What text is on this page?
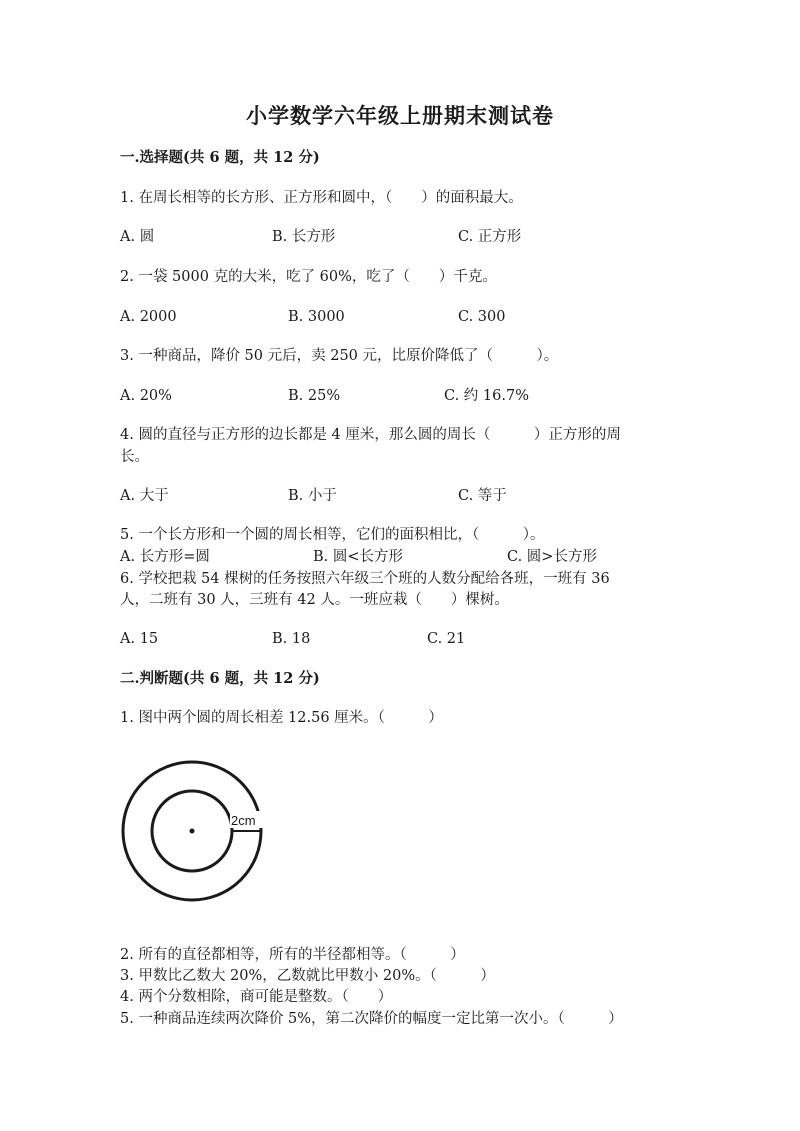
小学数学六年级上册期末测试卷
一.选择题(共 6 题，共 12 分)
1. 在周长相等的长方形、正方形和圆中，（　　）的面积最大。
A. 圆	B. 长方形	C. 正方形
2. 一袋 5000 克的大米，吃了 60%，吃了（　　）千克。
A. 2000	B. 3000	C. 300
3. 一种商品，降价 50 元后，卖 250 元，比原价降低了（　　　）。
A. 20%	B. 25%	C. 约 16.7%
4. 圆的直径与正方形的边长都是 4 厘米，那么圆的周长（　　　）正方形的周
长。
A. 大于	B. 小于	C. 等于
5. 一个长方形和一个圆的周长相等，它们的面积相比，（　　　）。
A. 长方形=圆	B. 圆<长方形	C. 圆>长方形
6. 学校把栽 54 棵树的任务按照六年级三个班的人数分配给各班，一班有 36
人，二班有 30 人，三班有 42 人。一班应栽（　　）棵树。
A. 15	B. 18	C. 21
二.判断题(共 6 题，共 12 分)
1. 图中两个圆的周长相差 12.56 厘米。（　　　）
2cm
2. 所有的直径都相等，所有的半径都相等。（　　　）
3. 甲数比乙数大 20%，乙数就比甲数小 20%。（　　　）
4. 两个分数相除，商可能是整数。（　　）
5. 一种商品连续两次降价 5%，第二次降价的幅度一定比第一次小。（　　　）
